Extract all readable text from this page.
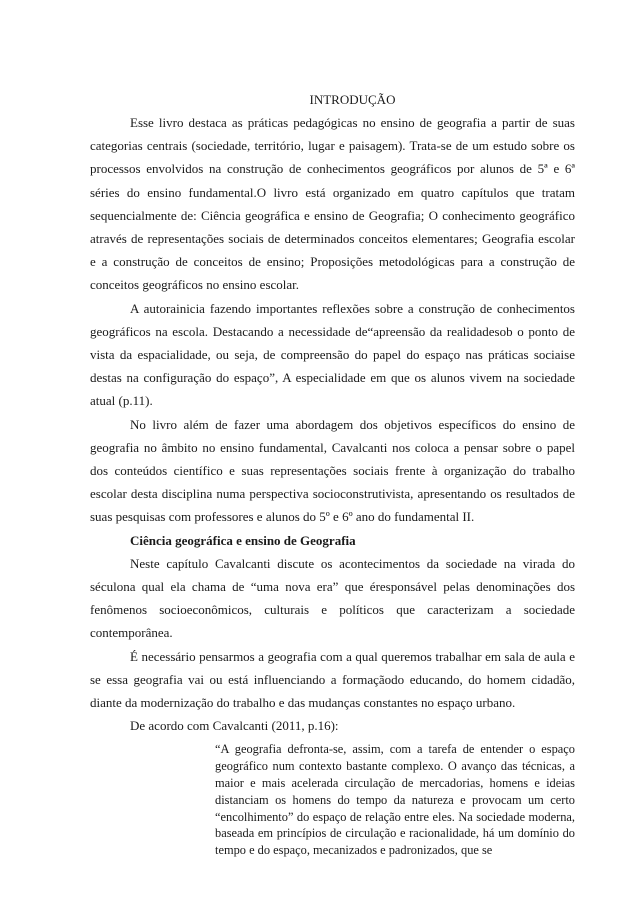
INTRODUÇÃO

Esse livro destaca as práticas pedagógicas no ensino de geografia a partir de suas categorias centrais (sociedade, território, lugar e paisagem). Trata-se de um estudo sobre os processos envolvidos na construção de conhecimentos geográficos por alunos de 5ª e 6ª séries do ensino fundamental.O livro está organizado em quatro capítulos que tratam sequencialmente de: Ciência geográfica e ensino de Geografia; O conhecimento geográfico através de representações sociais de determinados conceitos elementares; Geografia escolar e a construção de conceitos de ensino; Proposições metodológicas para a construção de conceitos geográficos no ensino escolar.

A autorainicia fazendo importantes reflexões sobre a construção de conhecimentos geográficos na escola. Destacando a necessidade de“apreensão da realidadesob o ponto de vista da espacialidade, ou seja, de compreensão do papel do espaço nas práticas sociaise destas na configuração do espaço”, A especialidade em que os alunos vivem na sociedade atual (p.11).

No livro além de fazer uma abordagem dos objetivos específicos do ensino de geografia no âmbito no ensino fundamental, Cavalcanti nos coloca a pensar sobre o papel dos conteúdos científico e suas representações sociais frente à organização do trabalho escolar desta disciplina numa perspectiva socioconstrutivista, apresentando os resultados de suas pesquisas com professores e alunos do 5º e 6º ano do fundamental II.

Ciência geográfica e ensino de Geografia

Neste capítulo Cavalcanti discute os acontecimentos da sociedade na virada do séculona qual ela chama de “uma nova era” que éresponsável pelas denominações dos fenômenos socioeconômicos, culturais e políticos que caracterizam a sociedade contemporânea.

É necessário pensarmos a geografia com a qual queremos trabalhar em sala de aula e se essa geografia vai ou está influenciando a formaçãodo educando, do homem cidadão, diante da modernização do trabalho e das mudanças constantes no espaço urbano.

De acordo com Cavalcanti (2011, p.16):

“A geografia defronta-se, assim, com a tarefa de entender o espaço geográfico num contexto bastante complexo. O avanço das técnicas, a maior e mais acelerada circulação de mercadorias, homens e ideias distanciam os homens do tempo da natureza e provocam um certo “encolhimento” do espaço de relação entre eles. Na sociedade moderna, baseada em princípios de circulação e racionalidade, há um domínio do tempo e do espaço, mecanizados e padronizados, que se
